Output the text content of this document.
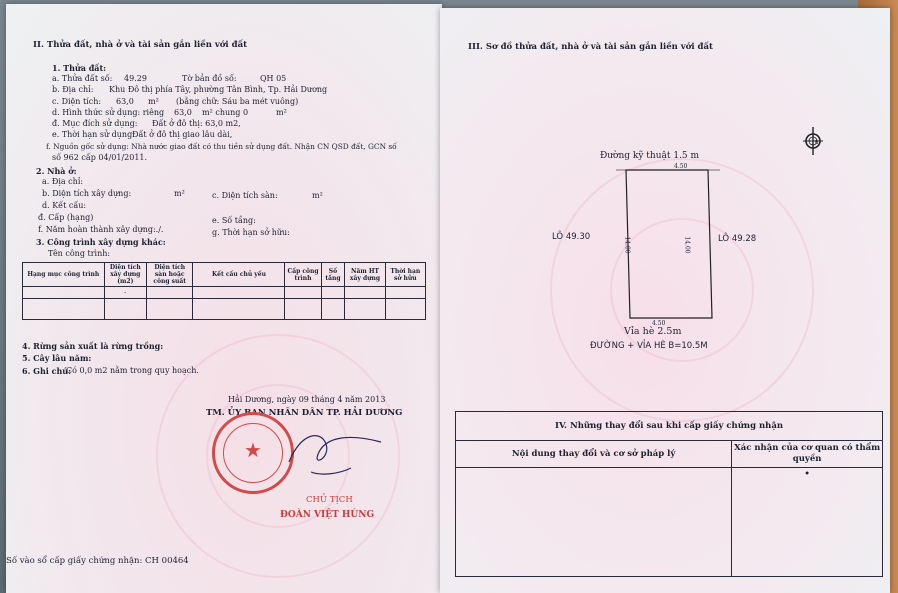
II. Thửa đất, nhà ở và tài sản gắn liền với đất
1. Thửa đất:
a. Thửa đất số: 49.29	Tờ bản đồ số:	QH 05
b. Địa chỉ: Khu Đô thị phía Tây, phường Tân Bình, Tp. Hải Dương
c. Diện tích: 63,0 m² (bằng chữ: Sáu ba mét vuông)
d. Hình thức sử dụng: riêng 63,0 m² chung 0	m²
đ. Mục đích sử dụng: Đất ở đô thị: 63,0 m2,
e. Thời hạn sử dụng:
Đất ở đô thị giao lâu dài,
f. Nguồn gốc sử dụng: Nhà nước giao đất có thu tiền sử dụng đất. Nhận CN QSD đất, GCN số
số 962 cấp 04/01/2011.
2. Nhà ở:
a. Địa chỉ:
b. Diện tích xây dựng:	m²	c. Diện tích sàn:	m²
d. Kết cấu:
đ. Cấp (hạng)	e. Số tầng:
f. Năm hoàn thành xây dựng:./.	g. Thời hạn sở hữu:
3. Công trình xây dựng khác:
Tên công trình:
Hạng mục công trình	Diện tích xây dựng (m2)	Diện tích sàn hoặc công suất	Kết cấu chủ yếu	Cấp công trình	Số tầng	Năm HT xây dựng	Thời hạn sở hữu
	-						

4. Rừng sản xuất là rừng trồng:
5. Cây lâu năm:
6. Ghi chú:
Có 0,0 m2 nằm trong quy hoạch.
Hải Dương, ngày 09 tháng 4 năm 2013
TM. ỦY BAN NHÂN DÂN TP. HẢI DƯƠNG
★
CHỦ TỊCH
ĐOÀN VIỆT HÙNG
Số vào sổ cấp giấy chứng nhận: CH 00464
III. Sơ đồ thửa đất, nhà ở và tài sản gắn liền với đất
B
Đường kỹ thuật 1.5 m
4.50
14.00	14.00
LÔ 49.30	LÔ 49.28
4.50
Vỉa hè 2.5m
ĐƯỜNG + VỈA HÈ B=10.5M
IV. Những thay đổi sau khi cấp giấy chứng nhận	
Nội dung thay đổi và cơ sở pháp lý	Xác nhận của cơ quan có thẩm quyền
	•
